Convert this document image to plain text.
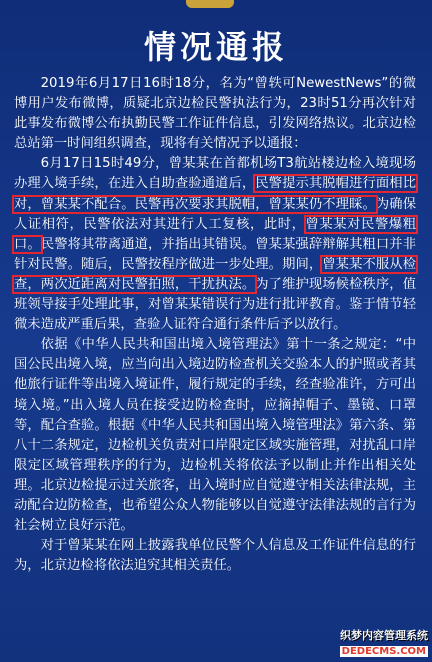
情况通报

2019年6月17日16时18分，名为“曾轶可NewestNews”的微博用户发布微博，质疑北京边检民警执法行为，23时51分再次针对此事发布微博公布执勤民警工作证件信息，引发网络热议。北京边检总站第一时间组织调查，现将有关情况予以通报：

6月17日15时49分，曾某某在首都机场T3航站楼边检入境现场办理入境手续，在进入自助查验通道后，民警提示其脱帽进行面相比对，曾某某不配合。民警再次要求其脱帽，曾某某仍不理睬。为确保人证相符，民警依法对其进行人工复核，此时，曾某某对民警爆粗口。民警将其带离通道，并指出其错误。曾某某强辞辩解其粗口并非针对民警。随后，民警按程序做进一步处理。期间，曾某某不服从检查，两次近距离对民警拍照，干扰执法。为了维护现场候检秩序，值班领导接手处理此事，对曾某某错误行为进行批评教育。鉴于情节轻微未造成严重后果，查验人证符合通行条件后予以放行。

依据《中华人民共和国出境入境管理法》第十一条之规定：“中国公民出境入境，应当向出入境边防检查机关交验本人的护照或者其他旅行证件等出境入境证件，履行规定的手续，经查验准许，方可出境入境。”出入境人员在接受边防检查时，应摘掉帽子、墨镜、口罩等，配合查验。根据《中华人民共和国出境入境管理法》第六条、第八十二条规定，边检机关负责对口岸限定区域实施管理，对扰乱口岸限定区域管理秩序的行为，边检机关将依法予以制止并作出相关处理。北京边检提示过关旅客，出入境时应自觉遵守相关法律法规，主动配合边防检查，也希望公众人物能够以自觉遵守法律法规的言行为社会树立良好示范。

对于曾某某在网上披露我单位民警个人信息及工作证件信息的行为，北京边检将依法追究其相关责任。

织梦内容管理系统
DEDECMS.COM
